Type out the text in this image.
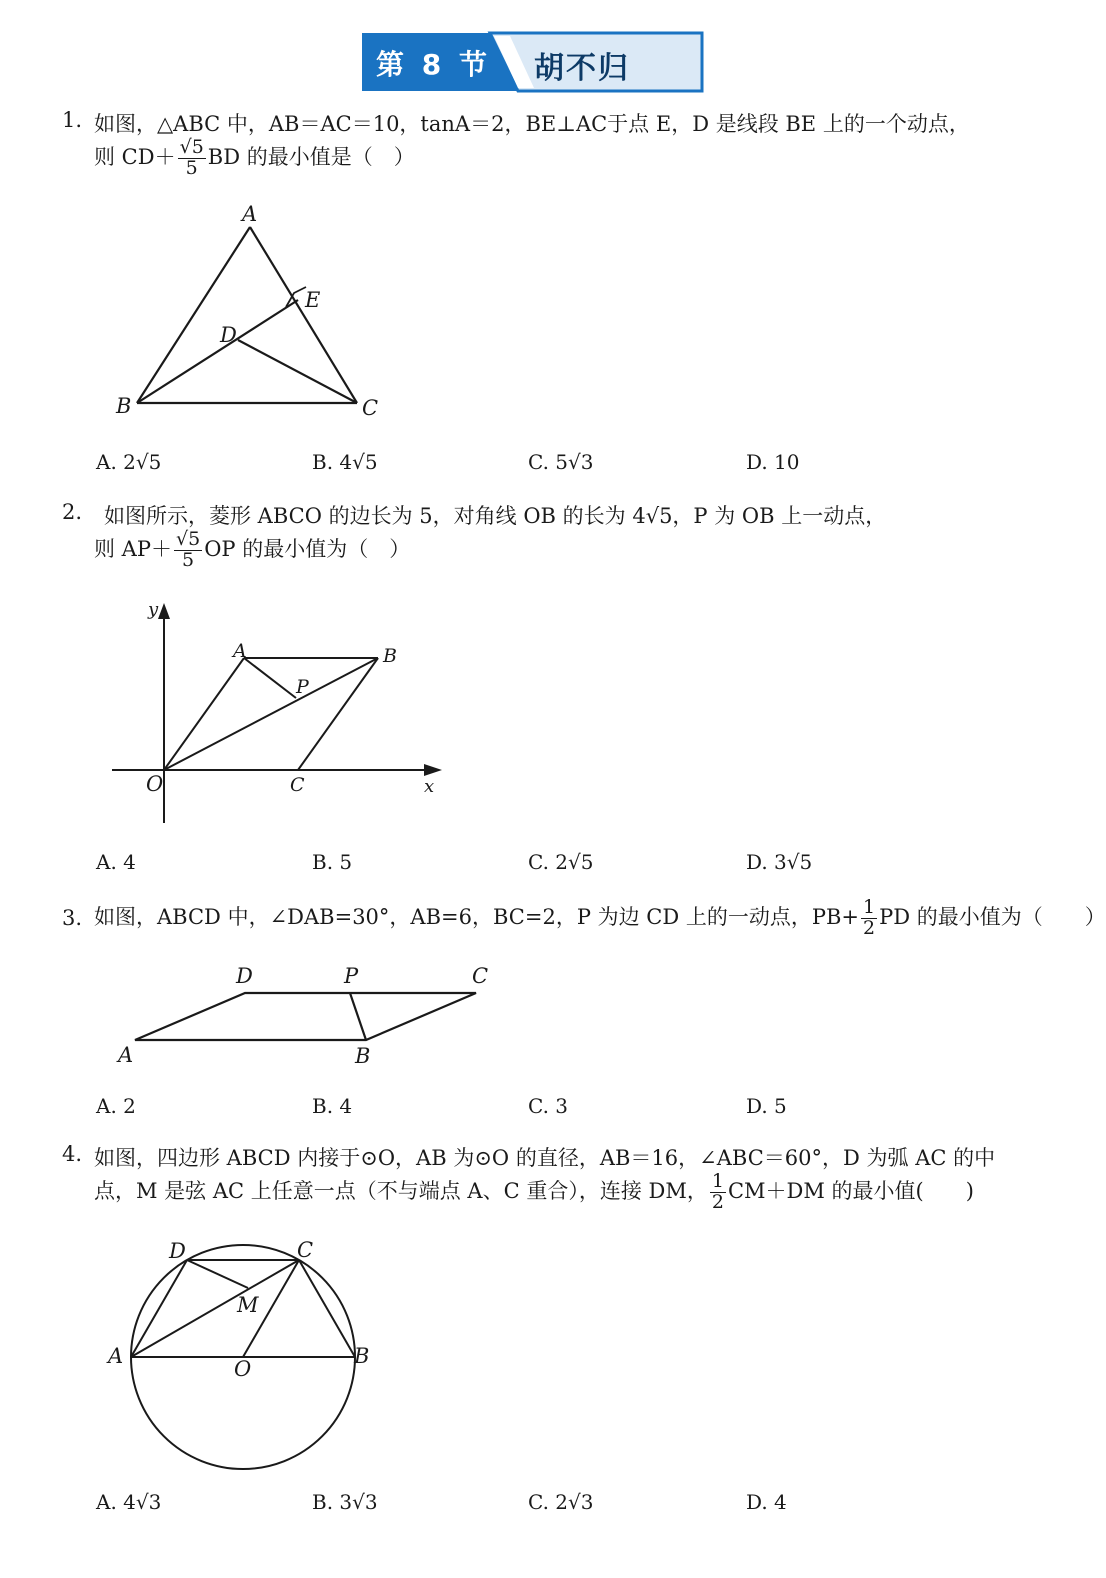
第 8 节 胡不归
1. 如图，△ABC 中，AB＝AC＝10，tanA＝2，BE⊥AC于点 E，D 是线段 BE 上的一个动点，
则 $CD+ \frac{√5}{5}$ BD 的最小值是（　）
A
B	C
D
E
A. 2√5	B. 4√5	C. 5√3	D. 10
2. 如图所示，菱形 ABCO 的边长为 5，对角线 OB 的长为 4√5，P 为 OB 上一动点，
则 $AP+ \frac{√5}{5}$ OP 的最小值为（　）
y
x
O
A	B
C
P
A. 4	B. 5	C. 2√5	D. 3√5
3. 如图，ABCD 中，∠DAB=30°，AB=6，BC=2，P 为边 CD 上的一动点，$PB+ \frac{1}{2}$ PD 的最小值为（　　）
A	B
C
D	P
A. 2	B. 4	C. 3	D. 5
4. 如图，四边形 ABCD 内接于⊙O，AB 为⊙O 的直径，AB＝16，∠ABC＝60°，D 为弧 AC 的中
点，M 是弦 AC 上任意一点（不与端点 A、C 重合），连接 DM， $\frac{1}{2} CM+DM$ 的最小值(　　)
A	B
C
D
M
O
A. 4√3	B. 3√3	C. 2√3	D. 4
